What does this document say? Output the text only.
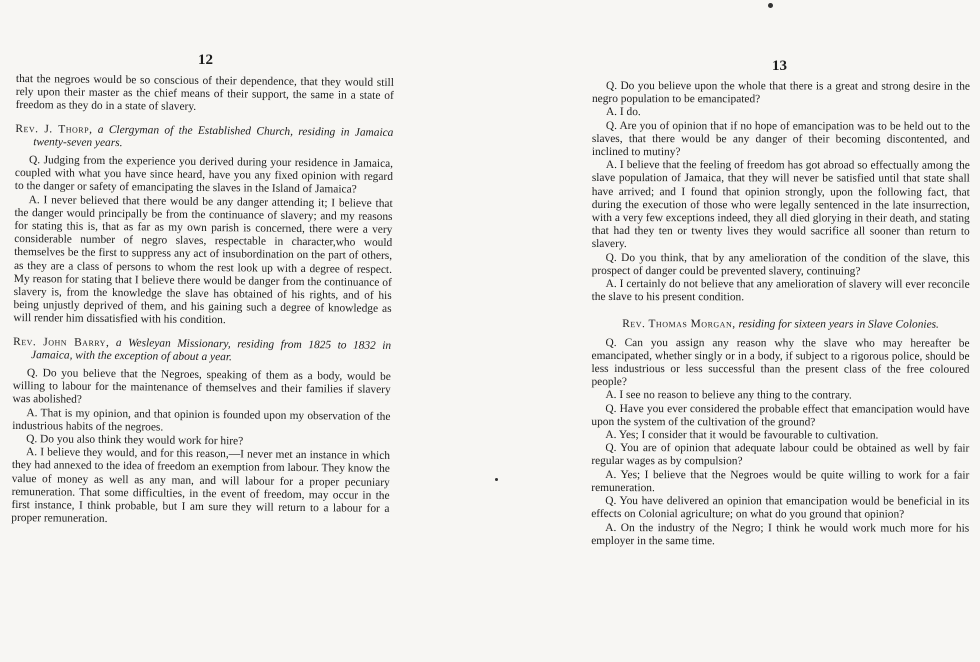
12

that the negroes would be so conscious of their dependence, that they would still rely upon their master as the chief means of their support, the same in a state of freedom as they do in a state of slavery.

Rev. J. Thorp, a Clergyman of the Established Church, residing in Jamaica twenty-seven years.

Q. Judging from the experience you derived during your residence in Jamaica, coupled with what you have since heard, have you any fixed opinion with regard to the danger or safety of emancipating the slaves in the Island of Jamaica?

A. I never believed that there would be any danger attending it; I believe that the danger would principally be from the continuance of slavery; and my reasons for stating this is, that as far as my own parish is concerned, there were a very considerable number of negro slaves, respectable in character,who would themselves be the first to suppress any act of insubordination on the part of others, as they are a class of persons to whom the rest look up with a degree of respect. My reason for stating that I believe there would be danger from the continuance of slavery is, from the knowledge the slave has obtained of his rights, and of his being unjustly deprived of them, and his gaining such a degree of knowledge as will render him dissatisfied with his condition.

Rev. John Barry, a Wesleyan Missionary, residing from 1825 to 1832 in Jamaica, with the exception of about a year.

Q. Do you believe that the Negroes, speaking of them as a body, would be willing to labour for the maintenance of themselves and their families if slavery was abolished?

A. That is my opinion, and that opinion is founded upon my observation of the industrious habits of the negroes.

Q. Do you also think they would work for hire?

A. I believe they would, and for this reason,—I never met an instance in which they had annexed to the idea of freedom an exemption from labour. They know the value of money as well as any man, and will labour for a proper pecuniary remuneration. That some difficulties, in the event of freedom, may occur in the first instance, I think probable, but I am sure they will return to a labour for a proper remuneration.

13

Q. Do you believe upon the whole that there is a great and strong desire in the negro population to be emancipated?

A. I do.

Q. Are you of opinion that if no hope of emancipation was to be held out to the slaves, that there would be any danger of their becoming discontented, and inclined to mutiny?

A. I believe that the feeling of freedom has got abroad so effectually among the slave population of Jamaica, that they will never be satisfied until that state shall have arrived; and I found that opinion strongly, upon the following fact, that during the execution of those who were legally sentenced in the late insurrection, with a very few exceptions indeed, they all died glorying in their death, and stating that had they ten or twenty lives they would sacrifice all sooner than return to slavery.

Q. Do you think, that by any amelioration of the condition of the slave, this prospect of danger could be prevented slavery, continuing?

A. I certainly do not believe that any amelioration of slavery will ever reconcile the slave to his present condition.

Rev. Thomas Morgan, residing for sixteen years in Slave Colonies.

Q. Can you assign any reason why the slave who may hereafter be emancipated, whether singly or in a body, if subject to a rigorous police, should be less industrious or less successful than the present class of the free coloured people?

A. I see no reason to believe any thing to the contrary.

Q. Have you ever considered the probable effect that emancipation would have upon the system of the cultivation of the ground?

A. Yes; I consider that it would be favourable to cultivation.

Q. You are of opinion that adequate labour could be obtained as well by fair regular wages as by compulsion?

A. Yes; I believe that the Negroes would be quite willing to work for a fair remuneration.

Q. You have delivered an opinion that emancipation would be beneficial in its effects on Colonial agriculture; on what do you ground that opinion?

A. On the industry of the Negro; I think he would work much more for his employer in the same time.
